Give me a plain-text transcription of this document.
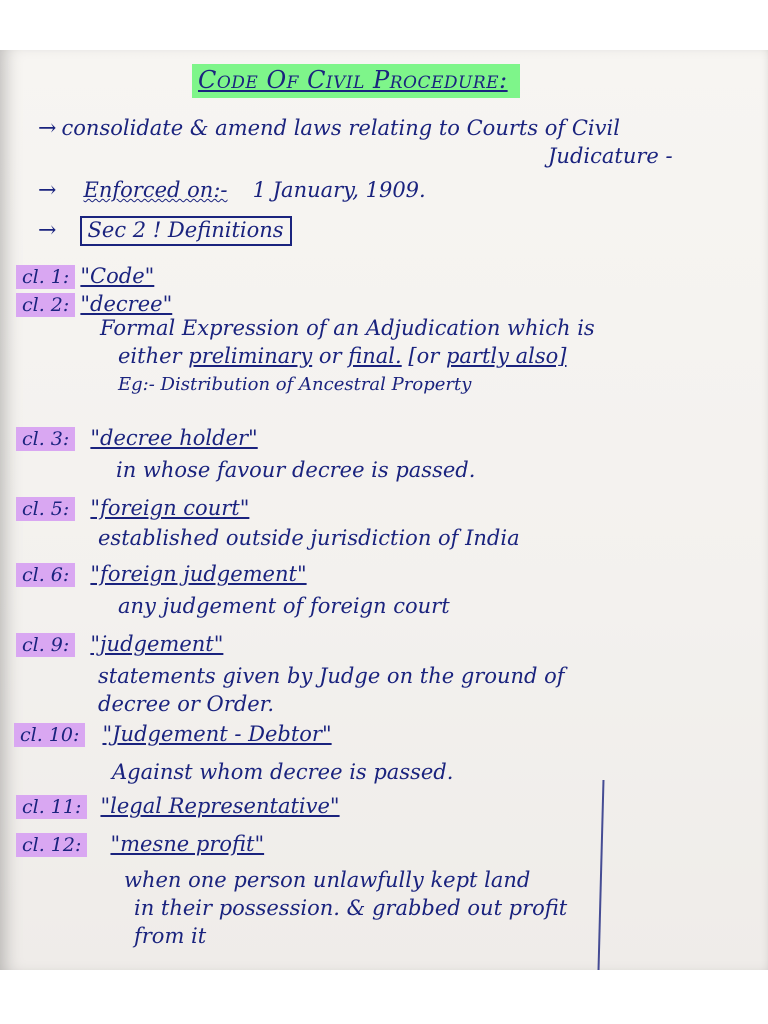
Code Of Civil Procedure:
→ consolidate & amend laws relating to Courts of Civil
Judicature -
→ Enforced on:- 1 January, 1909.
→ Sec 2 ! Definitions
cl. 1: "Code"
cl. 2: "decree"
Formal Expression of an Adjudication which is
either preliminary or final. [or partly also]
Eg:- Distribution of Ancestral Property
cl. 3: "decree holder"
in whose favour decree is passed.
cl. 5: "foreign court"
established outside jurisdiction of India
cl. 6: "foreign judgement"
any judgement of foreign court
cl. 9: "judgement"
statements given by Judge on the ground of
decree or Order.
cl. 10: "Judgement - Debtor"
Against whom decree is passed.
cl. 11: "legal Representative"
cl. 12: "mesne profit"
when one person unlawfully kept land
in their possession. & grabbed out profit
from it
